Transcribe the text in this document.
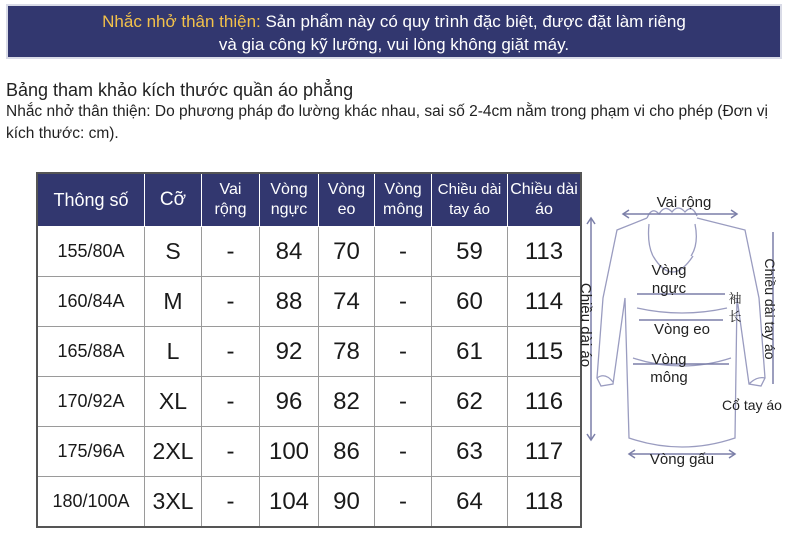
Nhắc nhở thân thiện: Sản phẩm này có quy trình đặc biệt, được đặt làm riêng
và gia công kỹ lưỡng, vui lòng không giặt máy.
Bảng tham khảo kích thước quần áo phẳng
Nhắc nhở thân thiện: Do phương pháp đo lường khác nhau, sai số 2-4cm nằm trong phạm vi cho phép (Đơn vị kích thước: cm).
Thông số	Cỡ	Vai rộng	Vòng ngực	Vòng eo	Vòng mông	Chiều dài tay áo	Chiều dài áo
155/80A	S	-	84	70	-	59	113
160/84A	M	-	88	74	-	60	114
165/88A	L	-	92	78	-	61	115
170/92A	XL	-	96	82	-	62	116
175/96A	2XL	-	100	86	-	63	117
180/100A	3XL	-	104	90	-	64	118
Vai rộng
Vòng ngực
Vòng eo
Vòng mông
Vòng gấu
Chiều dài áo	Chiều dài tay áo
袖长
Cổ tay áo
